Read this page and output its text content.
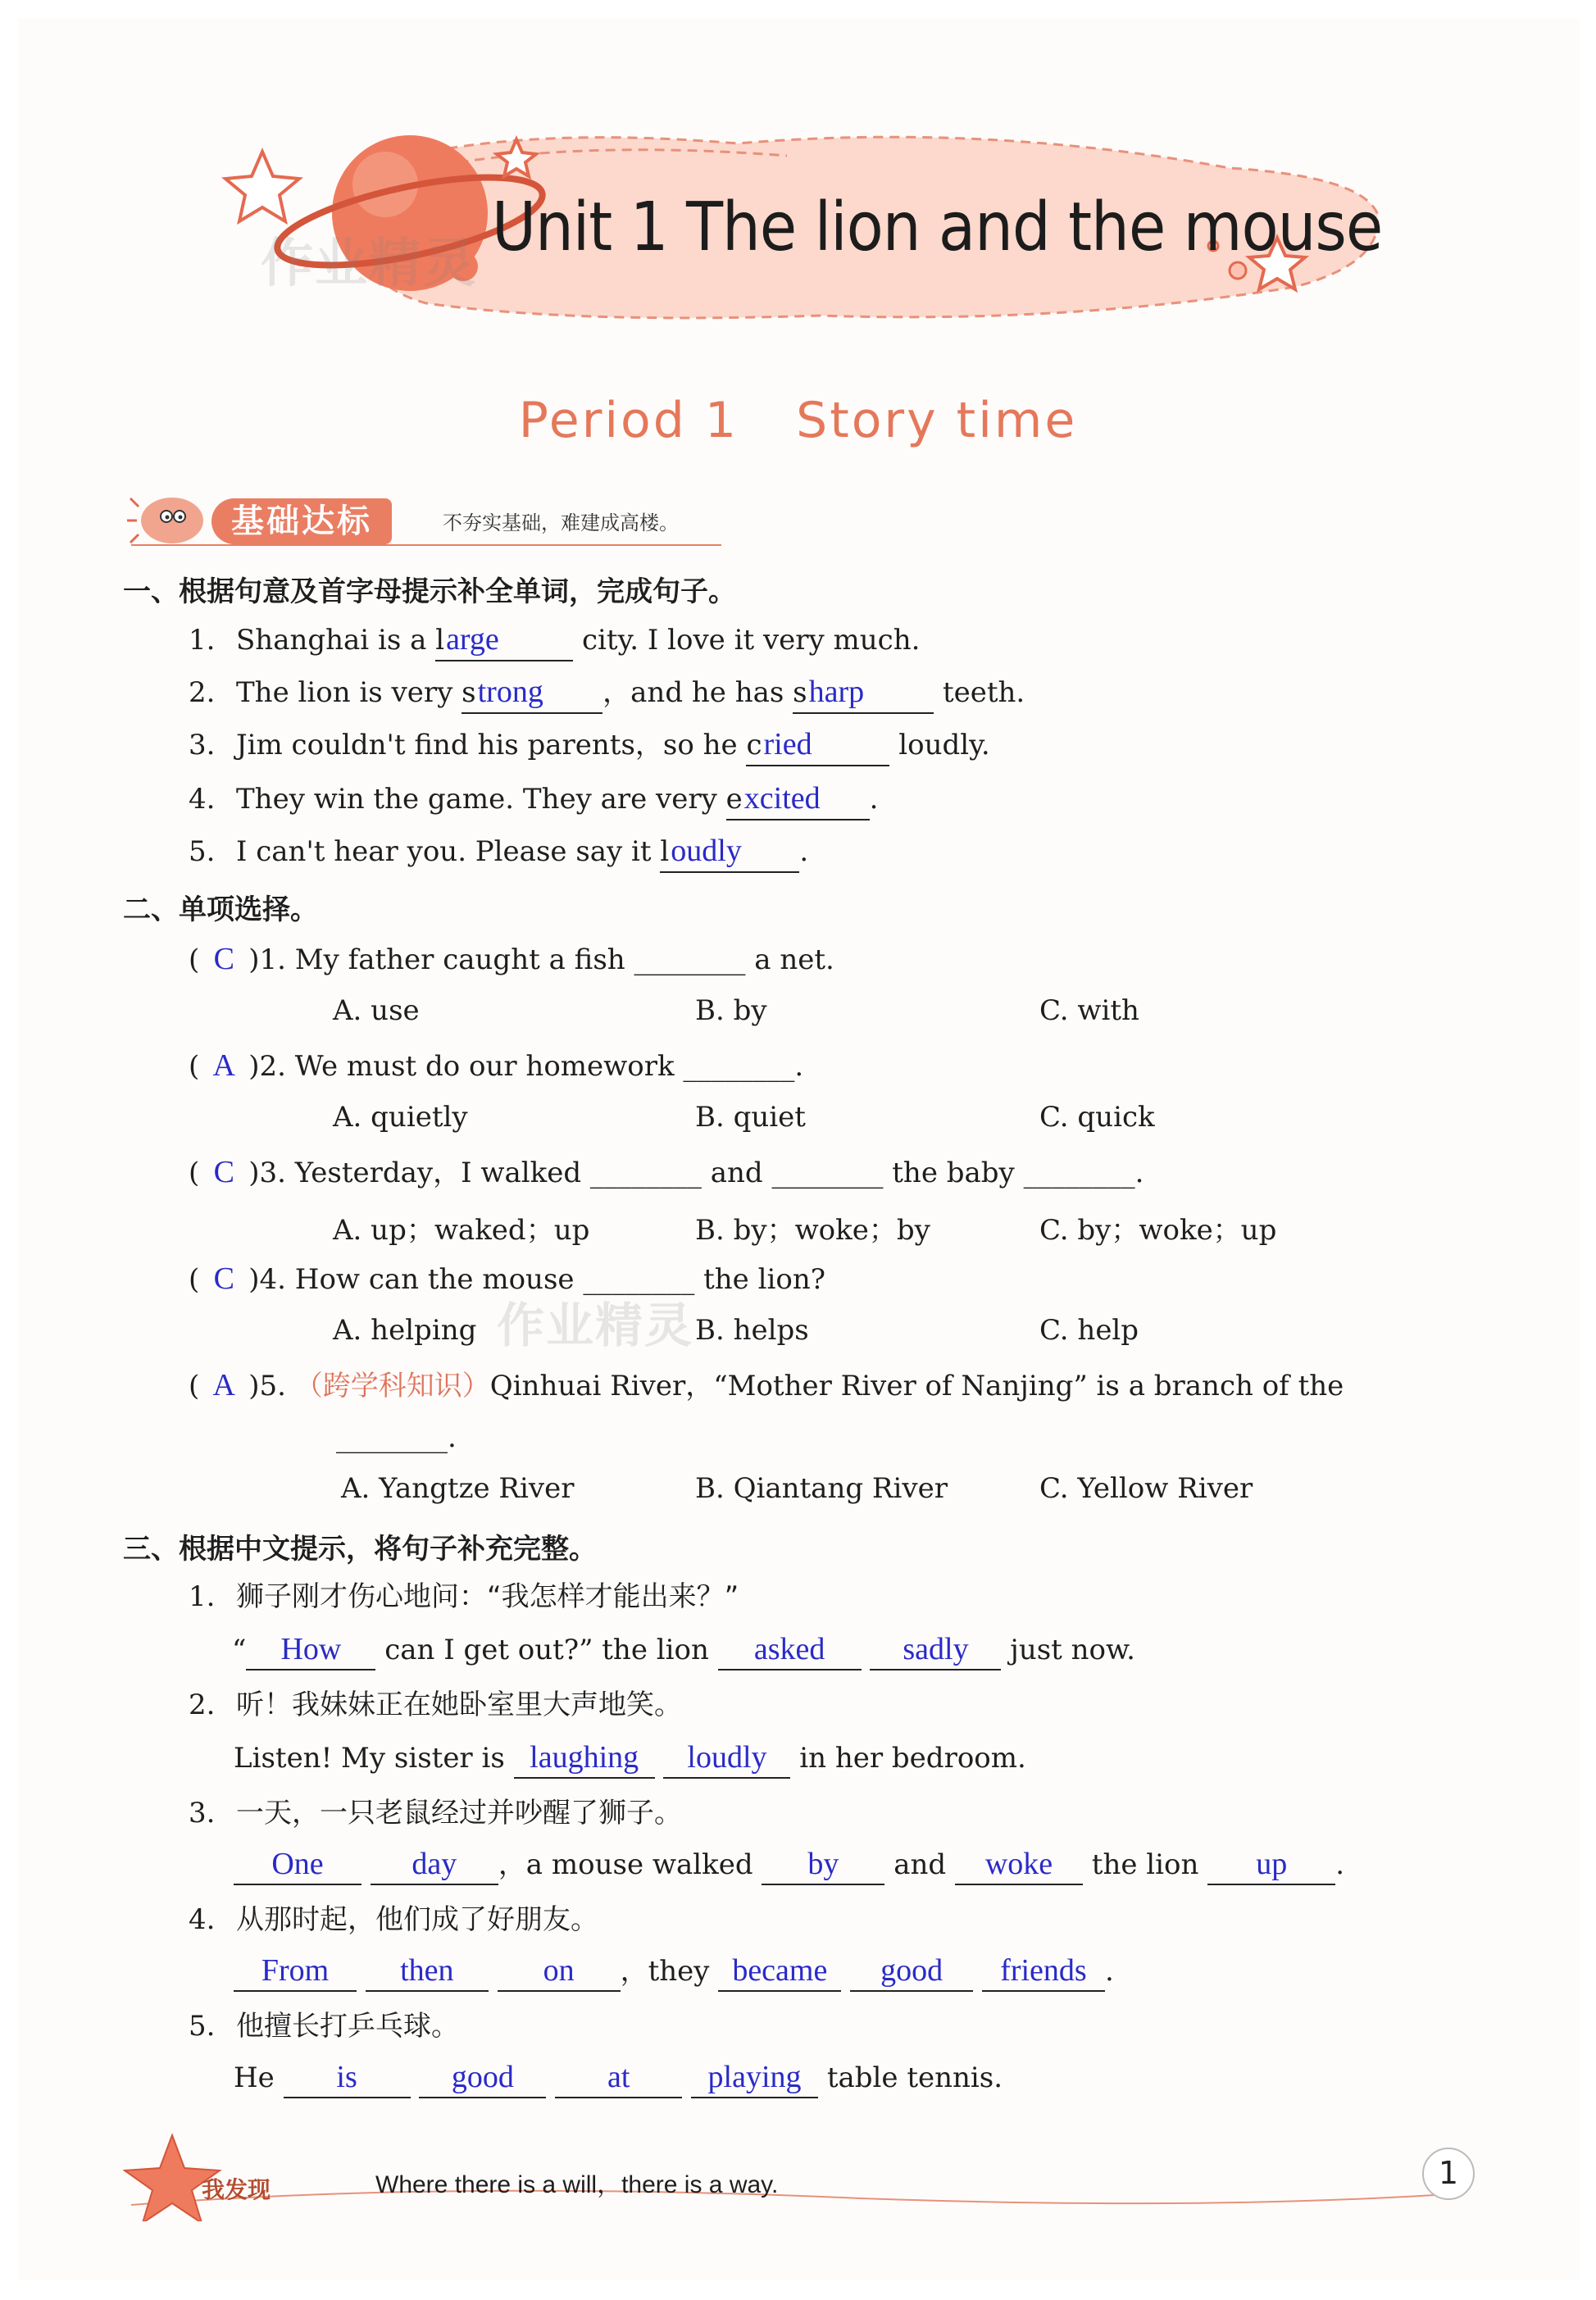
作业精灵 Unit 1 The lion and the mouse
Period 1 Story time
基础达标	不夯实基础，难建成高楼。
一、根据句意及首字母提示补全单词，完成句子。
1. Shanghai is a large	city. I love it very much.
2. The lion is very strong ，and he has sharp	teeth.
3. Jim couldn't find his parents，so he cried	loudly.
4. They win the game. They are very excited .
5. I can't hear you. Please say it loudly .
二、单项选择。
( C )1. My father caught a fish ________ a net.
A. use	B. by	C. with
( A )2. We must do our homework ________.
A. quietly	B. quiet	C. quick
( C )3. Yesterday，I walked ________ and ________ the baby ________.
A. up；waked；up	B. by；woke；by	C. by；woke；up
( C )4. How can the mouse ________ the lion?
A. helping	B. helps	C. help
作业精灵
( A )5. （跨学科知识）Qinhuai River，“Mother River of Nanjing” is a branch of the
________.
A. Yangtze River	B. Qiantang River	C. Yellow River
三、根据中文提示，将句子补充完整。
1. 狮子刚才伤心地问：“我怎样才能出来？”
“ How can I get out?” the lion asked sadly just now.
2. 听！我妹妹正在她卧室里大声地笑。
Listen! My sister is laughing loudly in her bedroom.
3. 一天，一只老鼠经过并吵醒了狮子。
One	day ，a mouse walked by and woke the lion up .
4. 从那时起，他们成了好朋友。
From then	on ，they became good friends .
5. 他擅长打乒乓球。
He is	good	at	playing table tennis.
我发现	Where there is a will，there is a way.	1
